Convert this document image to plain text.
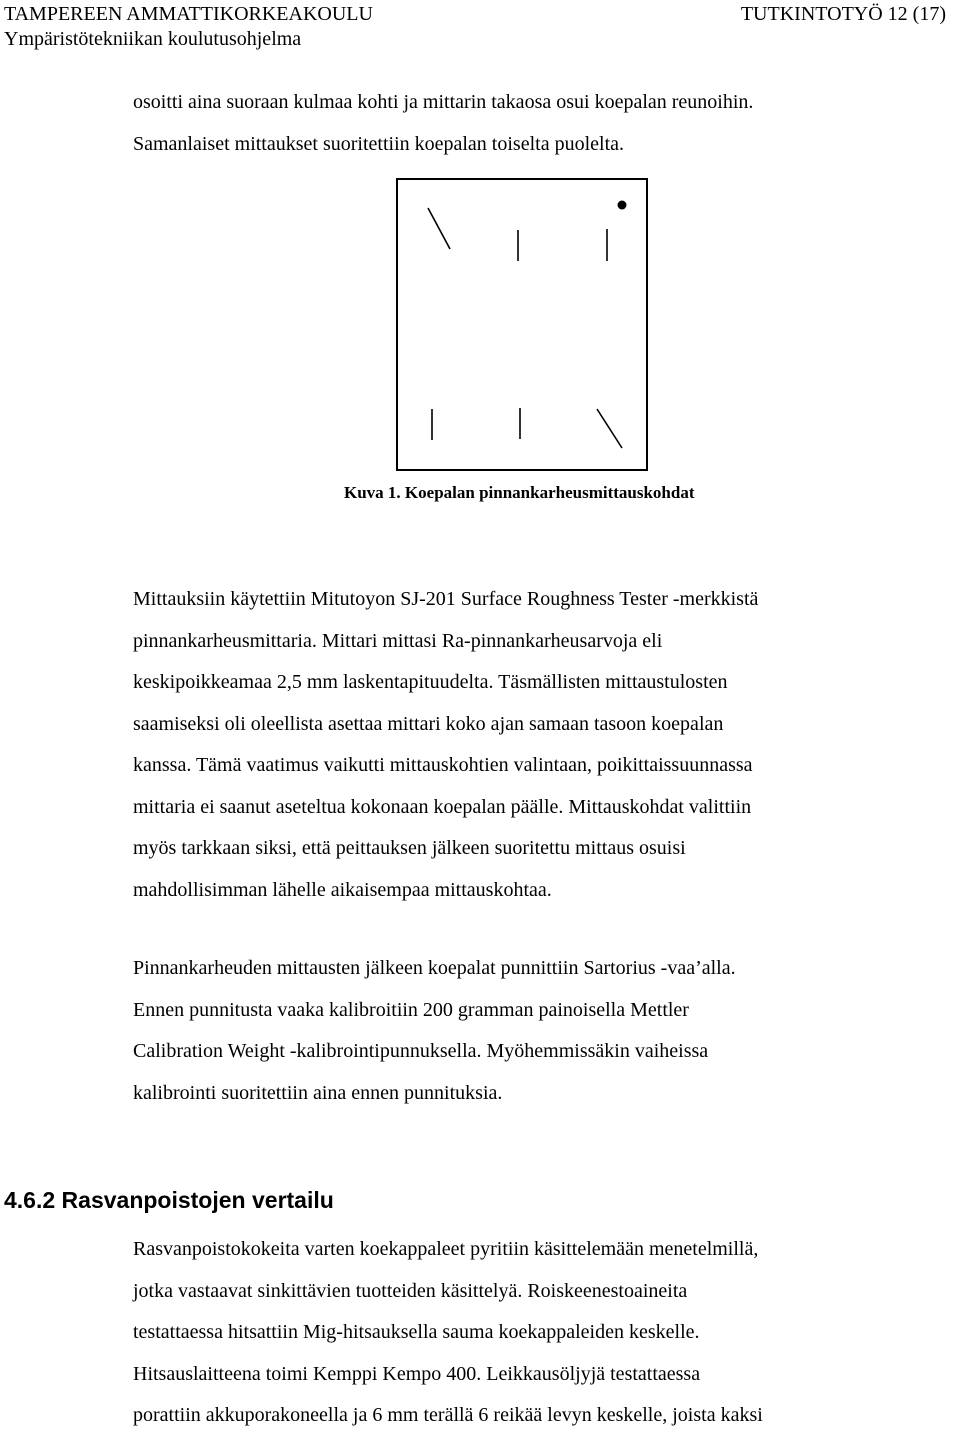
TAMPEREEN AMMATTIKORKEAKOULU
Ympäristötekniikan koulutusohjelma
TUTKINTOTYÖ 12 (17)
osoitti aina suoraan kulmaa kohti ja mittarin takaosa osui koepalan reunoihin.
Samanlaiset mittaukset suoritettiin koepalan toiselta puolelta.
Kuva 1. Koepalan pinnankarheusmittauskohdat
Mittauksiin käytettiin Mitutoyon SJ-201 Surface Roughness Tester -merkkistä
pinnankarheusmittaria. Mittari mittasi Ra-pinnankarheusarvoja eli
keskipoikkeamaa 2,5 mm laskentapituudelta. Täsmällisten mittaustulosten
saamiseksi oli oleellista asettaa mittari koko ajan samaan tasoon koepalan
kanssa. Tämä vaatimus vaikutti mittauskohtien valintaan, poikittaissuunnassa
mittaria ei saanut aseteltua kokonaan koepalan päälle. Mittauskohdat valittiin
myös tarkkaan siksi, että peittauksen jälkeen suoritettu mittaus osuisi
mahdollisimman lähelle aikaisempaa mittauskohtaa.
Pinnankarheuden mittausten jälkeen koepalat punnittiin Sartorius -vaa’alla.
Ennen punnitusta vaaka kalibroitiin 200 gramman painoisella Mettler
Calibration Weight -kalibrointipunnuksella. Myöhemmissäkin vaiheissa
kalibrointi suoritettiin aina ennen punnituksia.
4.6.2 Rasvanpoistojen vertailu
Rasvanpoistokokeita varten koekappaleet pyritiin käsittelemään menetelmillä,
jotka vastaavat sinkittävien tuotteiden käsittelyä. Roiskeenestoaineita
testattaessa hitsattiin Mig-hitsauksella sauma koekappaleiden keskelle.
Hitsauslaitteena toimi Kemppi Kempo 400. Leikkausöljyjä testattaessa
porattiin akkuporakoneella ja 6 mm terällä 6 reikää levyn keskelle, joista kaksi
